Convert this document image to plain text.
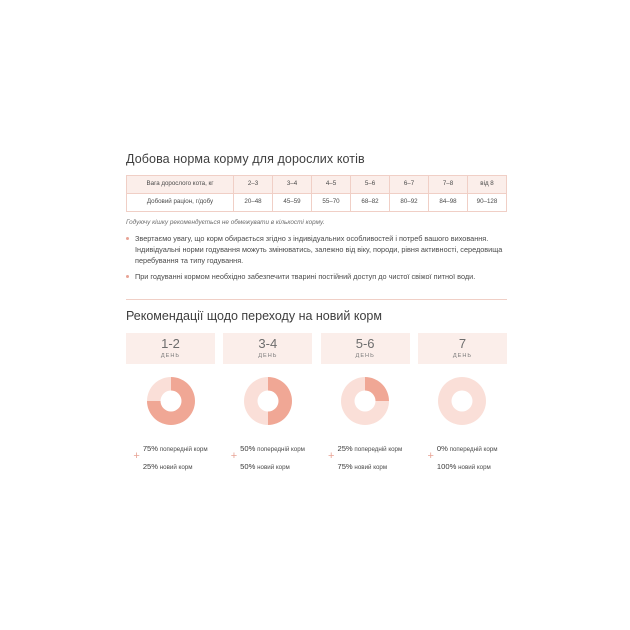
Добова норма корму для дорослих котів
Вага дорослого кота, кг	2–3	3–4	4–5	5–6	6–7	7–8	від 8
Добовий раціон, г/добу	20–48	45–59	55–70	68–82	80–92	84–98	90–128
Годуючу кішку рекомендується не обмежувати в кількості корму.
Звертаємо увагу, що корм обирається згідно з індивідуальних особливостей і потреб вашого виховання. Індивідуальні норми годування можуть змінюватись, залежно від віку, породи, рівня активності, середовища перебування та типу годування.
При годуванні кормом необхідно забезпечити тварині постійний доступ до чистої свіжої питної води.
Рекомендації щодо переходу на новий корм
1-2
ДЕНЬ
+
75% попередній корм
25% новий корм
3-4
ДЕНЬ
+
50% попередній корм
50% новий корм
5-6
ДЕНЬ
+
25% попередній корм
75% новий корм
7
ДЕНЬ
+
0% попередній корм
100% новий корм
